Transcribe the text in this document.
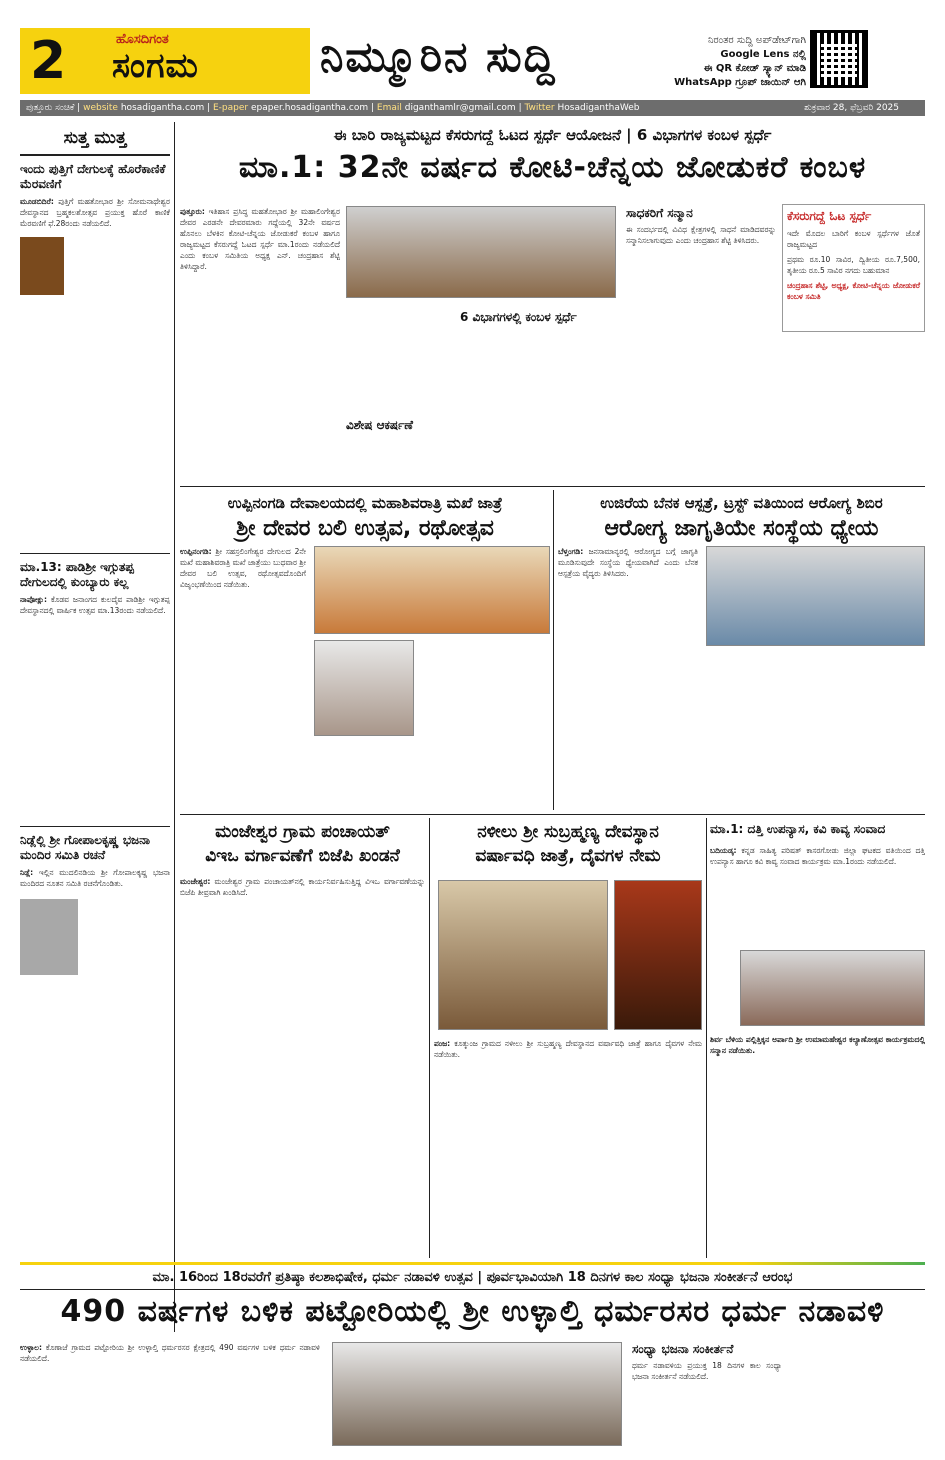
2	ಹೊಸದಿಗಂತ
ಸಂಗಮ	ನಿಮ್ಮೂರಿನ ಸುದ್ದಿ	ನಿರಂತರ ಸುದ್ದಿ ಅಪ್‌ಡೇಟ್‌ಗಾಗಿ
Google Lens ನಲ್ಲಿ
ಈ QR ಕೋಡ್ ಸ್ಕ್ಯಾನ್ ಮಾಡಿ
WhatsApp ಗ್ರೂಪ್ ಜಾಯಿನ್ ಆಗಿ
ಪುತ್ತೂರು ಸಂಚಿಕೆ | website hosadigantha.com | E-paper epaper.hosadigantha.com | Email diganthamlr@gmail.com | Twitter HosadiganthaWeb	ಶುಕ್ರವಾರ 28, ಫೆಬ್ರವರಿ 2025
ಸುತ್ತ ಮುತ್ತ
ಇಂದು ಪುತ್ತಿಗೆ ದೇಗುಲಕ್ಕೆ ಹೊರೆಕಾಣಿಕೆ ಮೆರವಣಿಗೆ
ಮೂಡಬಿದಿರೆ: ಪುತ್ತಿಗೆ ಮಹತೋಭಾರ ಶ್ರೀ ಸೋಮನಾಥೇಶ್ವರ ದೇವಸ್ಥಾನದ ಬ್ರಹ್ಮಕಲಶೋತ್ಸವ ಪ್ರಯುಕ್ತ ಹೊರೆ ಕಾಣಿಕೆ ಮೆರವಣಿಗೆ ಫೆ.28ರಂದು ನಡೆಯಲಿದೆ.
ಮಾ.13: ಪಾಡಿಶ್ರೀ ಇಗ್ಗುತಪ್ಪ ದೇಗುಲದಲ್ಲಿ ಕುಂಬ್ಯಾರು ಕಲ್ಲ
ನಾಪೋಕ್ಲು: ಕೊಡವ ಜನಾಂಗದ ಕುಲದೈವ ಪಾಡಿಶ್ರೀ ಇಗ್ಗುತಪ್ಪ ದೇವಸ್ಥಾನದಲ್ಲಿ ವಾರ್ಷಿಕ ಉತ್ಸವ ಮಾ.13ರಂದು ನಡೆಯಲಿದೆ.
ನಿಡ್ಲೆಲ್ಲಿ ಶ್ರೀ ಗೋಪಾಲಕೃಷ್ಣ ಭಜನಾ ಮಂದಿರ ಸಮಿತಿ ರಚನೆ
ನಿಡ್ಲೆ: ಇಲ್ಲಿನ ಮುದಲಿನಡಿಯ ಶ್ರೀ ಗೋಪಾಲಕೃಷ್ಣ ಭಜನಾ ಮಂದಿರದ ನೂತನ ಸಮಿತಿ ರಚನೆಗೊಂಡಿತು.
ಈ ಬಾರಿ ರಾಜ್ಯಮಟ್ಟದ ಕೆಸರುಗದ್ದೆ ಓಟದ ಸ್ಪರ್ಧೆ ಆಯೋಜನೆ | 6 ವಿಭಾಗಗಳ ಕಂಬಳ ಸ್ಪರ್ಧೆ
ಮಾ.1: 32ನೇ ವರ್ಷದ ಕೋಟಿ-ಚೆನ್ನಯ ಜೋಡುಕರೆ ಕಂಬಳ
ಪುತ್ತೂರು: ಇತಿಹಾಸ ಪ್ರಸಿದ್ಧ ಮಹತೋಭಾರ ಶ್ರೀ ಮಹಾಲಿಂಗೇಶ್ವರ ದೇವರ ಎರಡನೇ ದೇವರಮಾರು ಗದ್ದೆಯಲ್ಲಿ 32ನೇ ವರ್ಷದ ಹೊನಲು ಬೆಳಕಿನ ಕೋಟಿ-ಚೆನ್ನಯ ಜೋಡುಕರೆ ಕಂಬಳ ಹಾಗೂ ರಾಜ್ಯಮಟ್ಟದ ಕೆಸರುಗದ್ದೆ ಓಟದ ಸ್ಪರ್ಧೆ ಮಾ.1ರಂದು ನಡೆಯಲಿದೆ ಎಂದು ಕಂಬಳ ಸಮಿತಿಯ ಅಧ್ಯಕ್ಷ ಎನ್. ಚಂದ್ರಹಾಸ ಶೆಟ್ಟಿ ತಿಳಿಸಿದ್ದಾರೆ.
6 ವಿಭಾಗಗಳಲ್ಲಿ ಕಂಬಳ ಸ್ಪರ್ಧೆ
ವಿಶೇಷ ಆಕರ್ಷಣೆ
ಸಾಧಕರಿಗೆ ಸನ್ಮಾನ
ಈ ಸಂದರ್ಭದಲ್ಲಿ ವಿವಿಧ ಕ್ಷೇತ್ರಗಳಲ್ಲಿ ಸಾಧನೆ ಮಾಡಿದವರನ್ನು ಸನ್ಮಾನಿಸಲಾಗುವುದು ಎಂದು ಚಂದ್ರಹಾಸ ಶೆಟ್ಟಿ ತಿಳಿಸಿದರು.
ಕೆಸರುಗದ್ದೆ ಓಟ ಸ್ಪರ್ಧೆ
ಇದೇ ಮೊದಲ ಬಾರಿಗೆ ಕಂಬಳ ಸ್ಪರ್ಧೆಗಳ ಜೊತೆ ರಾಜ್ಯಮಟ್ಟದ
ಪ್ರಥಮ ರೂ.10 ಸಾವಿರ, ದ್ವಿತೀಯ ರೂ.7,500, ತೃತೀಯ ರೂ.5 ಸಾವಿರ ನಗದು ಬಹುಮಾನ
ಚಂದ್ರಹಾಸ ಶೆಟ್ಟಿ, ಅಧ್ಯಕ್ಷ, ಕೋಟಿ-ಚೆನ್ನಯ ಜೋಡುಕರೆ ಕಂಬಳ ಸಮಿತಿ
ಉಪ್ಪಿನಂಗಡಿ ದೇವಾಲಯದಲ್ಲಿ ಮಹಾಶಿವರಾತ್ರಿ ಮಖೆ ಜಾತ್ರೆ
ಶ್ರೀ ದೇವರ ಬಲಿ ಉತ್ಸವ, ರಥೋತ್ಸವ
ಉಪ್ಪಿನಂಗಡಿ: ಶ್ರೀ ಸಹಸ್ರಲಿಂಗೇಶ್ವರ ದೇಗುಲದ 2ನೇ ಮಖೆ ಮಹಾಶಿವರಾತ್ರಿ ಮಖೆ ಜಾತ್ರೆಯು ಬುಧವಾರ ಶ್ರೀ ದೇವರ ಬಲಿ ಉತ್ಸವ, ರಥೋತ್ಸವದೊಂದಿಗೆ ವಿಜೃಂಭಣೆಯಿಂದ ನಡೆಯಿತು.
ಉಜಿರೆಯ ಬೆನಕ ಆಸ್ಪತ್ರೆ, ಟ್ರಸ್ಟ್ ವತಿಯಿಂದ ಆರೋಗ್ಯ ಶಿಬಿರ
ಆರೋಗ್ಯ ಜಾಗೃತಿಯೇ ಸಂಸ್ಥೆಯ ಧ್ಯೇಯ
ಬೆಳ್ತಂಗಡಿ: ಜನಸಾಮಾನ್ಯರಲ್ಲಿ ಆರೋಗ್ಯದ ಬಗ್ಗೆ ಜಾಗೃತಿ ಮೂಡಿಸುವುದೇ ಸಂಸ್ಥೆಯ ಧ್ಯೇಯವಾಗಿದೆ ಎಂದು ಬೆನಕ ಆಸ್ಪತ್ರೆಯ ವೈದ್ಯರು ತಿಳಿಸಿದರು.
ಮಂಜೇಶ್ವರ ಗ್ರಾಮ ಪಂಚಾಯತ್
ವಿಇಒ ವರ್ಗಾವಣೆಗೆ ಬಿಜೆಪಿ ಖಂಡನೆ
ಮಂಜೇಶ್ವರ: ಮಂಜೇಶ್ವರ ಗ್ರಾಮ ಪಂಚಾಯತ್‌ನಲ್ಲಿ ಕಾರ್ಯನಿರ್ವಹಿಸುತ್ತಿದ್ದ ವಿಇಒ ವರ್ಗಾವಣೆಯನ್ನು ಬಿಜೆಪಿ ತೀವ್ರವಾಗಿ ಖಂಡಿಸಿದೆ.
ನಳೀಲು ಶ್ರೀ ಸುಬ್ರಹ್ಮಣ್ಯ ದೇವಸ್ಥಾನ
ವರ್ಷಾವಧಿ ಜಾತ್ರೆ, ದೈವಗಳ ನೇಮ
ಪಂಜ: ಕೂತ್ಕುಂಜ ಗ್ರಾಮದ ನಳೀಲು ಶ್ರೀ ಸುಬ್ರಹ್ಮಣ್ಯ ದೇವಸ್ಥಾನದ ವರ್ಷಾವಧಿ ಜಾತ್ರೆ ಹಾಗೂ ದೈವಗಳ ನೇಮ ನಡೆಯಿತು.
ಮಾ.1: ದತ್ತಿ ಉಪನ್ಯಾಸ, ಕವಿ ಕಾವ್ಯ ಸಂವಾದ
ಬದಿಯಡ್ಕ: ಕನ್ನಡ ಸಾಹಿತ್ಯ ಪರಿಷತ್ ಕಾಸರಗೋಡು ಜಿಲ್ಲಾ ಘಟಕದ ವತಿಯಿಂದ ದತ್ತಿ ಉಪನ್ಯಾಸ ಹಾಗೂ ಕವಿ ಕಾವ್ಯ ಸಂವಾದ ಕಾರ್ಯಕ್ರಮ ಮಾ.1ರಂದು ನಡೆಯಲಿದೆ.
ಶಿರ್ವ ಬೆಳಿಯ ಪಲ್ಲಿತ್ತಿಕ್ಕನ ಅರ್ಪಾದಿ ಶ್ರೀ ಉಮಾಮಹೇಶ್ವರ ಕಲ್ಯಾಣೋತ್ಸವ ಕಾರ್ಯಕ್ರಮದಲ್ಲಿ ಸನ್ಮಾನ ನಡೆಯಿತು.
ಮಾ. 16ರಿಂದ 18ರವರೆಗೆ ಪ್ರತಿಷ್ಠಾ ಕಲಶಾಭಿಷೇಕ, ಧರ್ಮ ನಡಾವಳಿ ಉತ್ಸವ | ಪೂರ್ವಭಾವಿಯಾಗಿ 18 ದಿನಗಳ ಕಾಲ ಸಂಧ್ಯಾ ಭಜನಾ ಸಂಕೀರ್ತನೆ ಆರಂಭ
490 ವರ್ಷಗಳ ಬಳಿಕ ಪಟ್ಟೋರಿಯಲ್ಲಿ ಶ್ರೀ ಉಳ್ಳಾಲ್ತಿ ಧರ್ಮರಸರ ಧರ್ಮ ನಡಾವಳಿ
ಉಳ್ಳಾಲ: ಕೊಣಾಜೆ ಗ್ರಾಮದ ಪಟ್ಟೋರಿಯ ಶ್ರೀ ಉಳ್ಳಾಲ್ತಿ ಧರ್ಮರಸರ ಕ್ಷೇತ್ರದಲ್ಲಿ 490 ವರ್ಷಗಳ ಬಳಿಕ ಧರ್ಮ ನಡಾವಳಿ ನಡೆಯಲಿದೆ.
ಸಂಧ್ಯಾ ಭಜನಾ ಸಂಕೀರ್ತನೆ
ಧರ್ಮ ನಡಾವಳಿಯ ಪ್ರಯುಕ್ತ 18 ದಿನಗಳ ಕಾಲ ಸಂಧ್ಯಾ ಭಜನಾ ಸಂಕೀರ್ತನೆ ನಡೆಯಲಿದೆ.
